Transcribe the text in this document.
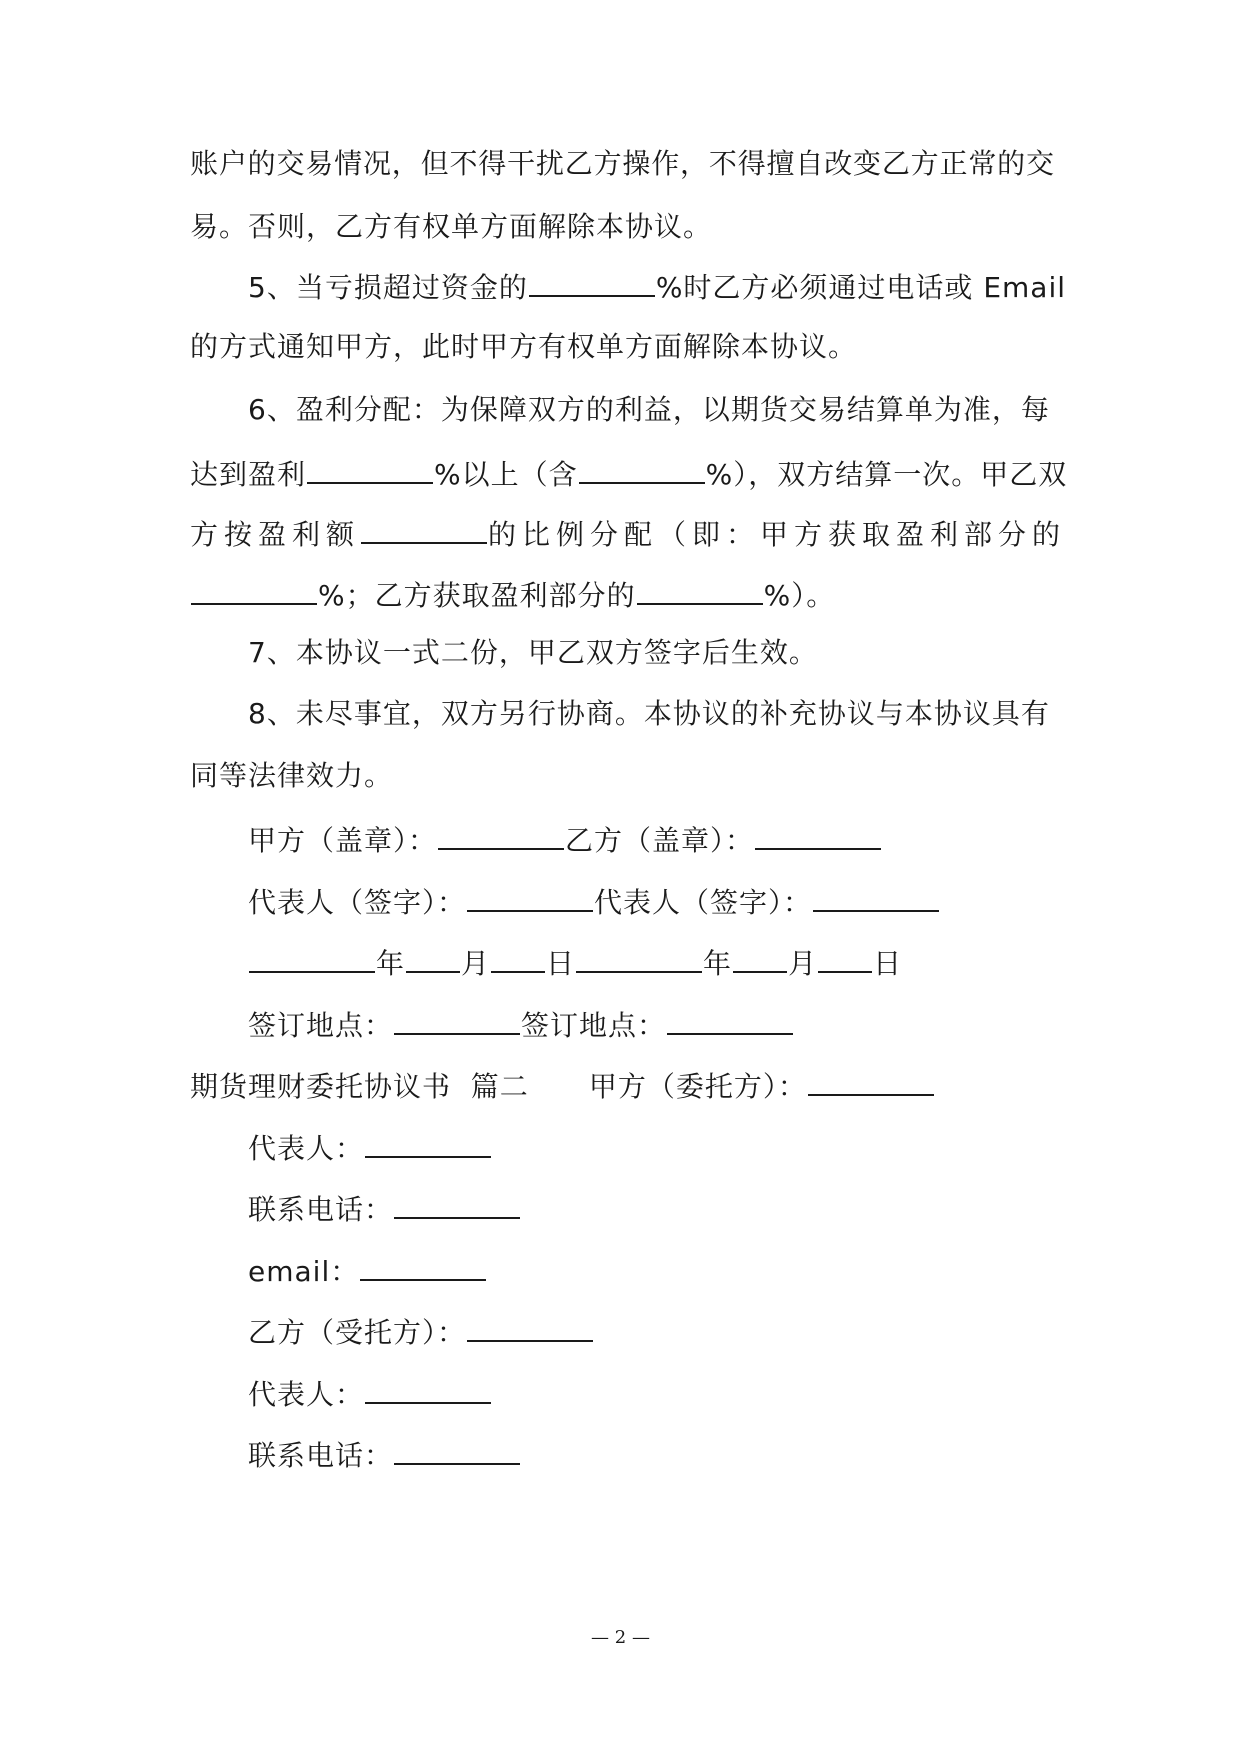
账户的交易情况，但不得干扰乙方操作，不得擅自改变乙方正常的交
易。否则，乙方有权单方面解除本协议。
5、当亏损超过资金的	%时乙方必须通过电话或 Email
的方式通知甲方，此时甲方有权单方面解除本协议。
6、盈利分配：为保障双方的利益，以期货交易结算单为准，每
达到盈利	%以上（含	%），双方结算一次。甲乙双
方按盈利额	的比例分配（即：甲方获取盈利部分的
%；乙方获取盈利部分的	%）。
7、本协议一式二份，甲乙双方签字后生效。
8、未尽事宜，双方另行协商。本协议的补充协议与本协议具有
同等法律效力。
甲方（盖章）：	乙方（盖章）：
代表人（签字）：	代表人（签字）：
年 月 日	年 月 日
签订地点：	签订地点：
期货理财委托协议书  篇二 甲方（委托方）：
代表人：
联系电话：
email：
乙方（受托方）：
代表人：
联系电话：
— 2 —
